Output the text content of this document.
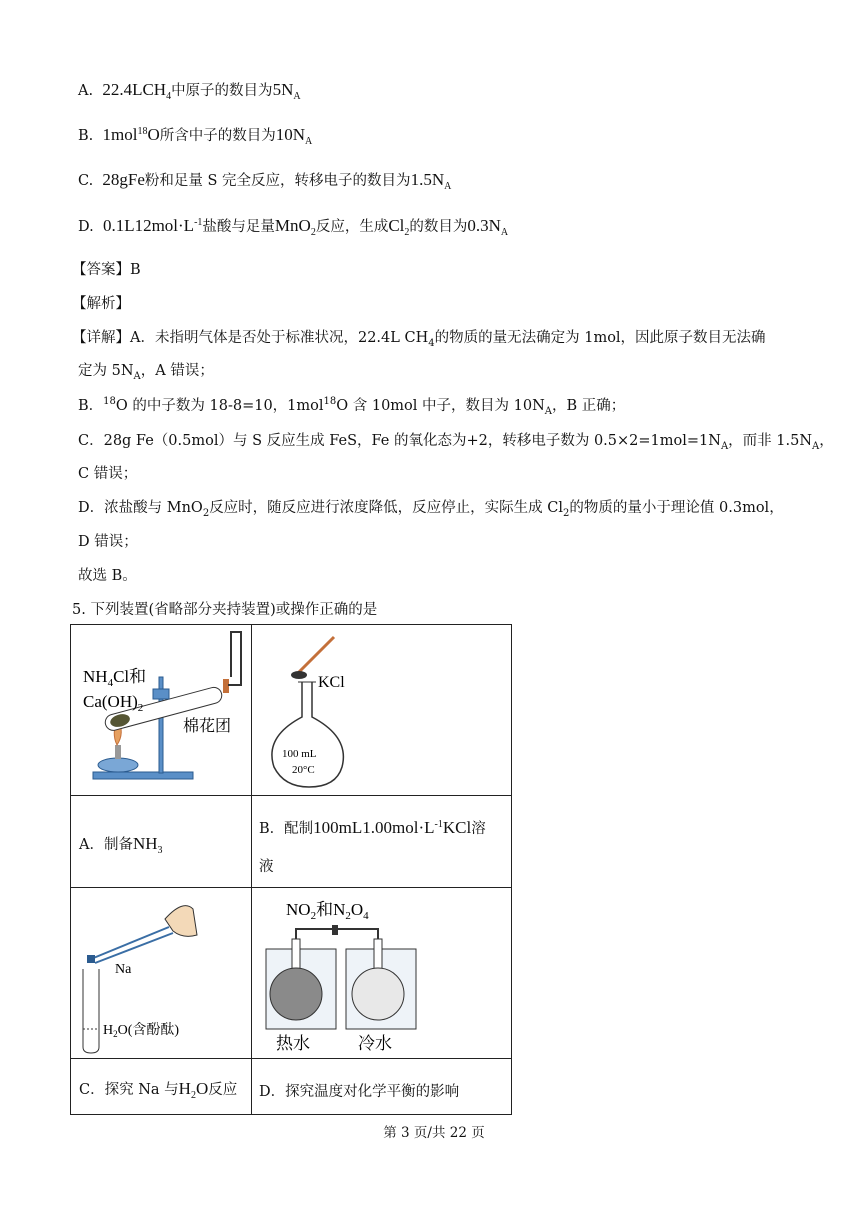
A. $22.4LCH_4$中原子的数目为$5N_A$
B. 1mol$^{18}$O所含中子的数目为$10N_A$
C. 28gFe粉和足量 S 完全反应，转移电子的数目为$1.5N_A$
D. $0.1L12mol\cdot L^{-1}$盐酸与足量MnO$_2$反应，生成$Cl_2$的数目为$0.3N_A$
【答案】B
【解析】
【详解】A．未指明气体是否处于标准状况，22.4L $CH_4$的物质的量无法确定为 1mol，因此原子数目无法确
定为 $5N_A$，A 错误；
B．$^{18}$O 的中子数为 18-8=10，1mol$^{18}$O 含 10mol 中子，数目为 $10N_A$，B 正确；
C．28g Fe（0.5mol）与 S 反应生成 FeS，Fe 的氧化态为+2，转移电子数为 $0.5\times 2=1mol=1N_A$，而非 $1.5N_A$，
C 错误；
D．浓盐酸与 MnO$_2$反应时，随反应进行浓度降低，反应停止，实际生成 $Cl_2$的物质的量小于理论值 0.3mol，
D 错误；
故选 B。
5. 下列装置(省略部分夹持装置)或操作正确的是
$NH_4Cl$和
$Ca(OH)_2$
棉花团
KCl
100 mL
20°C
A．制备$NH_3$
B．配制$100mL1.00mol\cdot L^{-1}KCl$溶
液
Na
$H_2O$(含酚酞)
$NO_2$和$N_2O_4$
热水	冷水
C．探究 Na 与$H_2O$反应 D．探究温度对化学平衡的影响
第 3 页/共 22 页
